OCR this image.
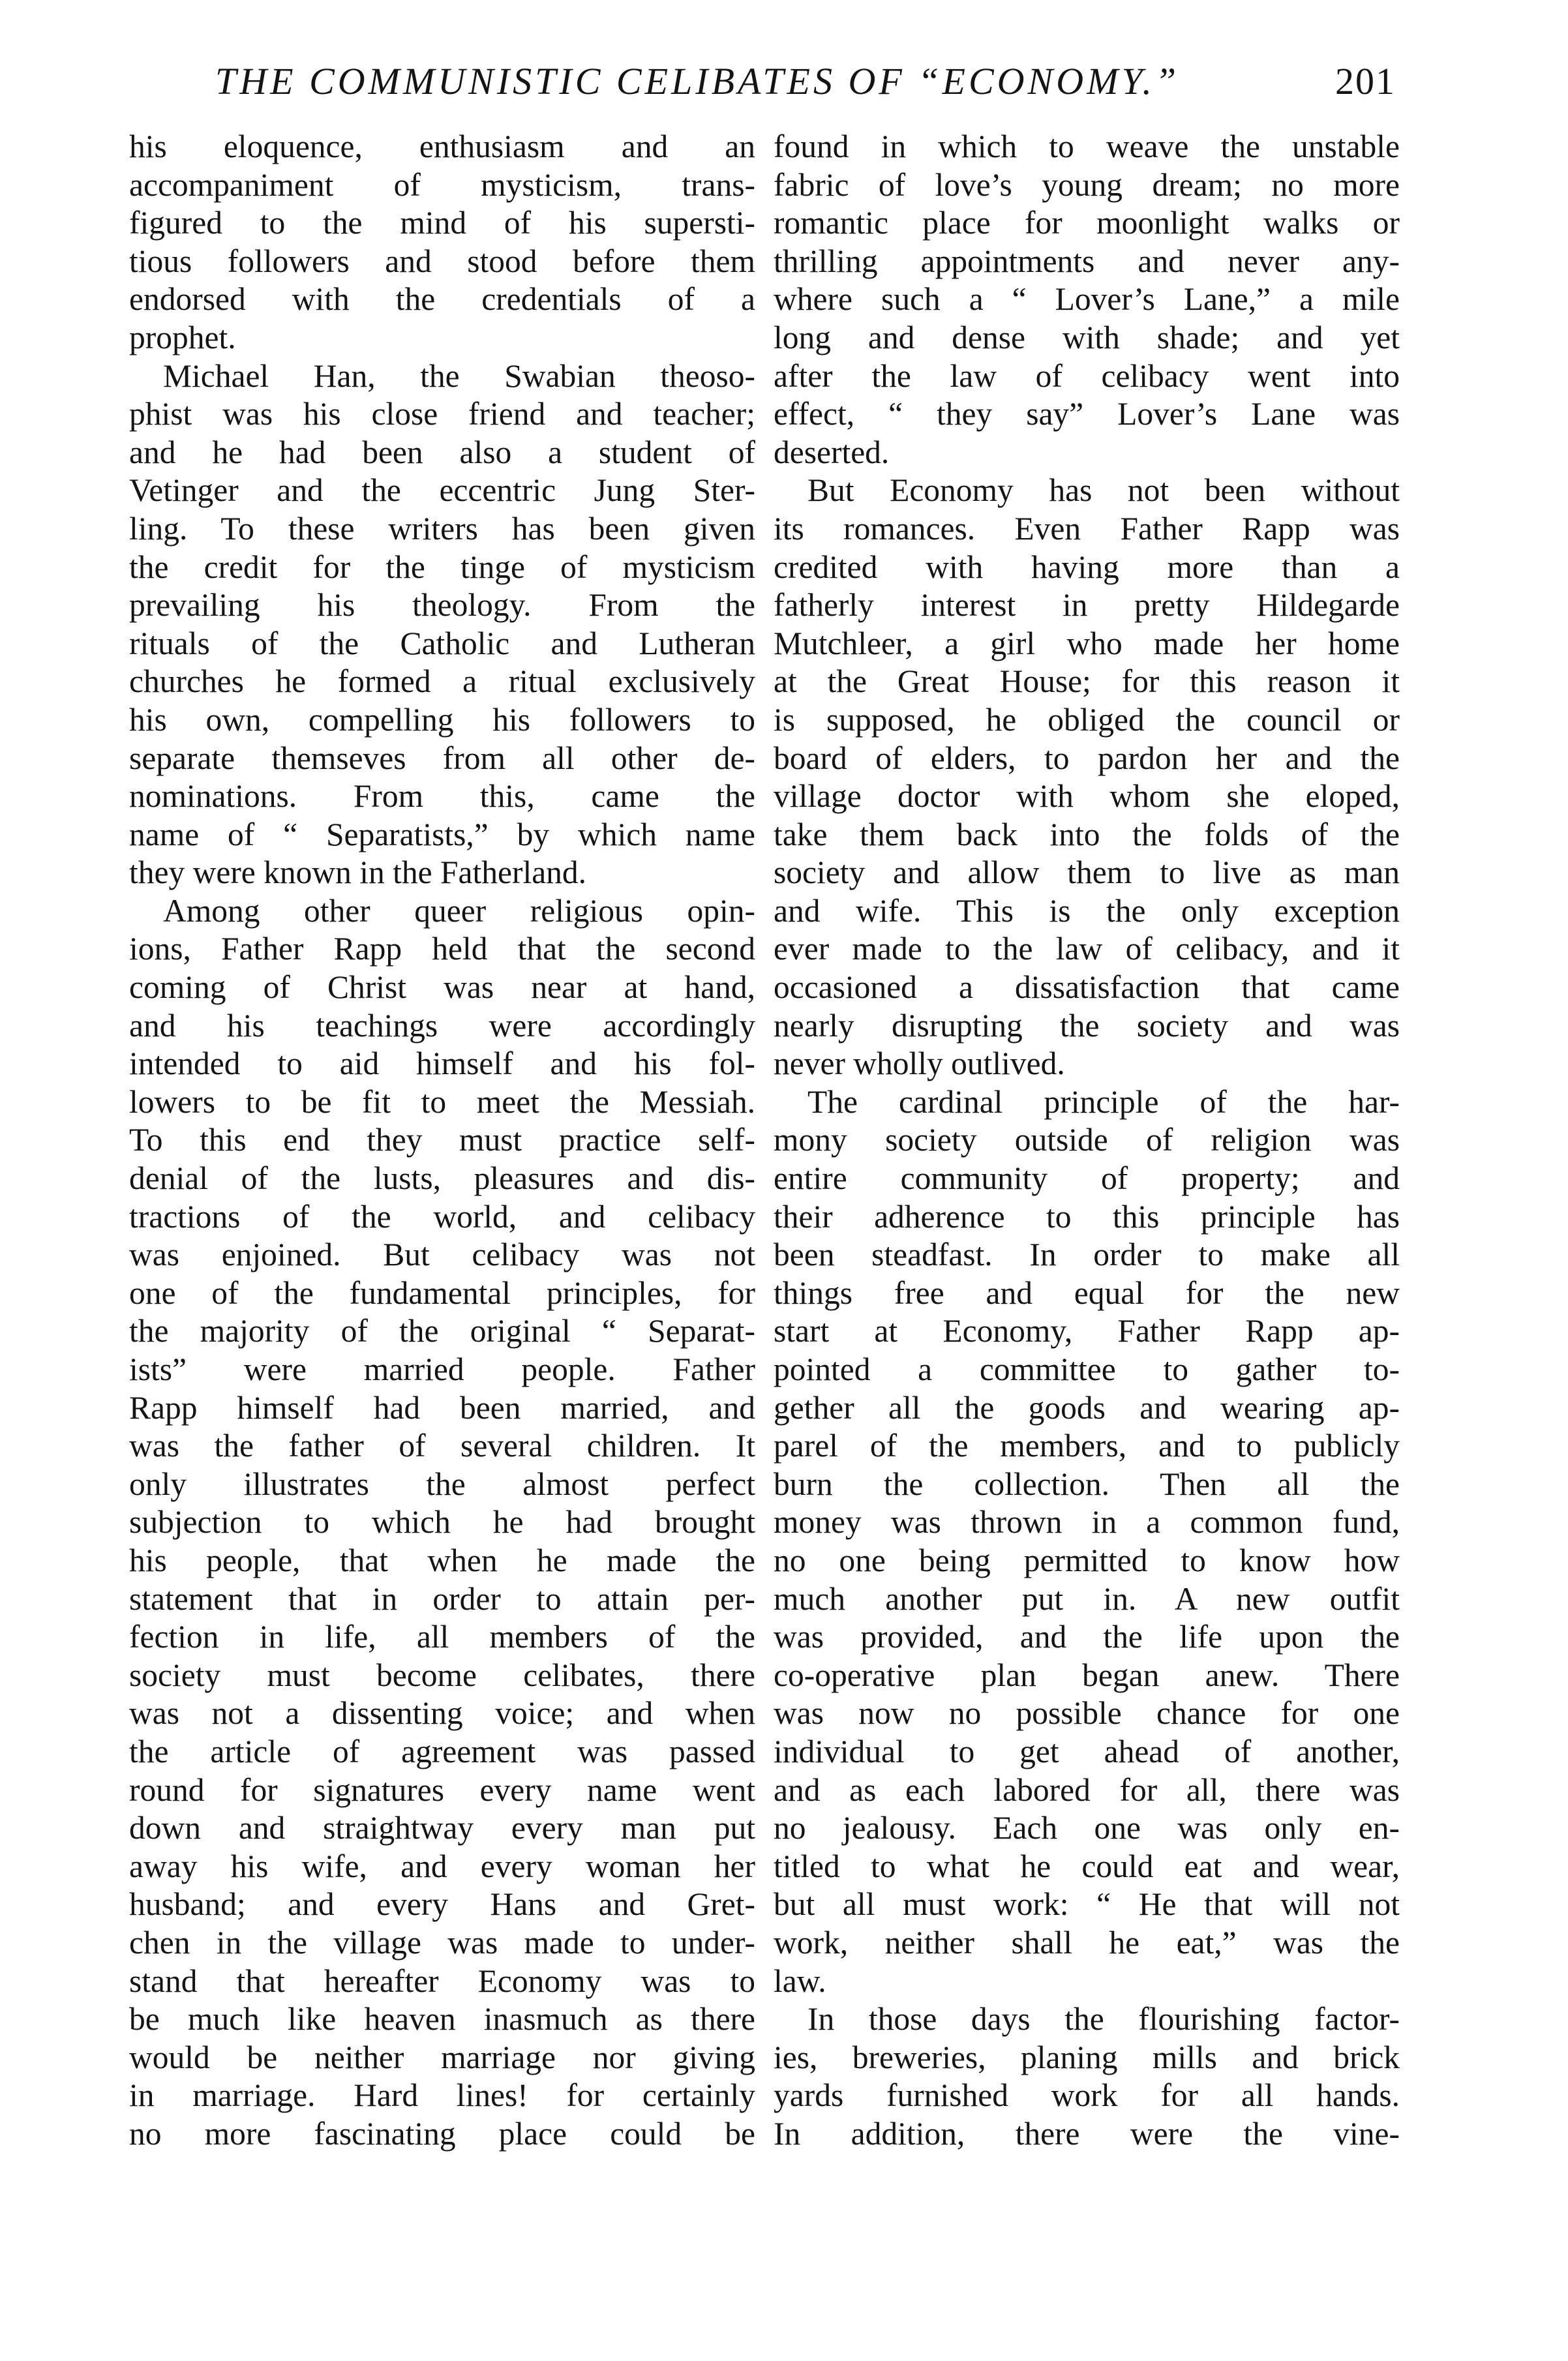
THE COMMUNISTIC CELIBATES OF “ECONOMY.”	201
his eloquence, enthusiasm and an
accompaniment of mysticism, trans-
figured to the mind of his supersti-
tious followers and stood before them
endorsed with the credentials of a
prophet.
Michael Han, the Swabian theoso-
phist was his close friend and teacher;
and he had been also a student of
Vetinger and the eccentric Jung Ster-
ling. To these writers has been given
the credit for the tinge of mysticism
prevailing his theology. From the
rituals of the Catholic and Lutheran
churches he formed a ritual exclusively
his own, compelling his followers to
separate themseves from all other de-
nominations. From this, came the
name of “ Separatists,” by which name
they were known in the Fatherland.
Among other queer religious opin-
ions, Father Rapp held that the second
coming of Christ was near at hand,
and his teachings were accordingly
intended to aid himself and his fol-
lowers to be fit to meet the Messiah.
To this end they must practice self-
denial of the lusts, pleasures and dis-
tractions of the world, and celibacy
was enjoined. But celibacy was not
one of the fundamental principles, for
the majority of the original “ Separat-
ists” were married people. Father
Rapp himself had been married, and
was the father of several children. It
only illustrates the almost perfect
subjection to which he had brought
his people, that when he made the
statement that in order to attain per-
fection in life, all members of the
society must become celibates, there
was not a dissenting voice; and when
the article of agreement was passed
round for signatures every name went
down and straightway every man put
away his wife, and every woman her
husband; and every Hans and Gret-
chen in the village was made to under-
stand that hereafter Economy was to
be much like heaven inasmuch as there
would be neither marriage nor giving
in marriage. Hard lines! for certainly
no more fascinating place could be
found in which to weave the unstable
fabric of love’s young dream; no more
romantic place for moonlight walks or
thrilling appointments and never any-
where such a “ Lover’s Lane,” a mile
long and dense with shade; and yet
after the law of celibacy went into
effect, “ they say” Lover’s Lane was
deserted.
But Economy has not been without
its romances. Even Father Rapp was
credited with having more than a
fatherly interest in pretty Hildegarde
Mutchleer, a girl who made her home
at the Great House; for this reason it
is supposed, he obliged the council or
board of elders, to pardon her and the
village doctor with whom she eloped,
take them back into the folds of the
society and allow them to live as man
and wife. This is the only exception
ever made to the law of celibacy, and it
occasioned a dissatisfaction that came
nearly disrupting the society and was
never wholly outlived.
The cardinal principle of the har-
mony society outside of religion was
entire community of property; and
their adherence to this principle has
been steadfast. In order to make all
things free and equal for the new
start at Economy, Father Rapp ap-
pointed a committee to gather to-
gether all the goods and wearing ap-
parel of the members, and to publicly
burn the collection. Then all the
money was thrown in a common fund,
no one being permitted to know how
much another put in. A new outfit
was provided, and the life upon the
co-operative plan began anew. There
was now no possible chance for one
individual to get ahead of another,
and as each labored for all, there was
no jealousy. Each one was only en-
titled to what he could eat and wear,
but all must work: “ He that will not
work, neither shall he eat,” was the
law.
In those days the flourishing factor-
ies, breweries, planing mills and brick
yards furnished work for all hands.
In addition, there were the vine-
